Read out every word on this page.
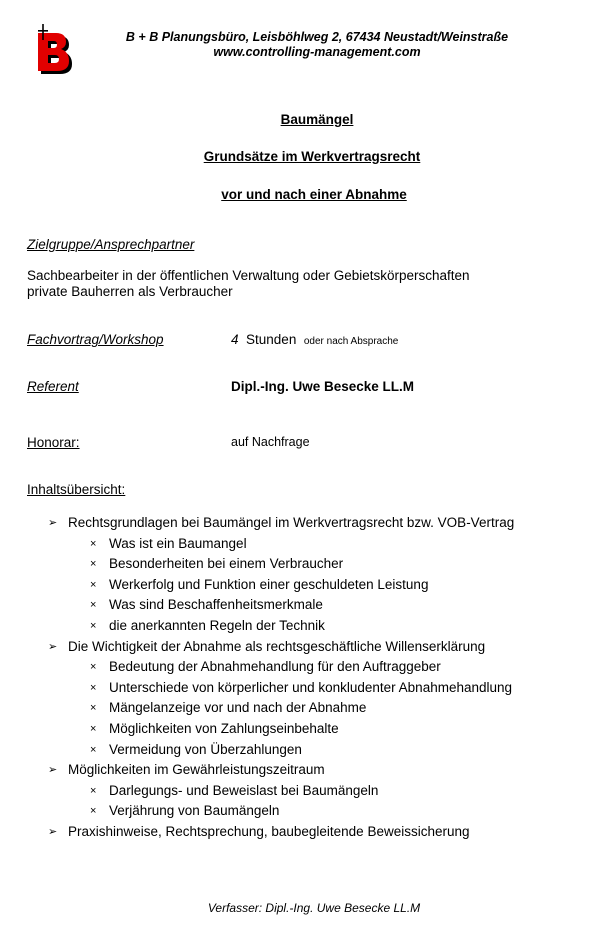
B + B Planungsbüro, Leisböhlweg 2, 67434 Neustadt/Weinstraße
www.controlling-management.com
Baumängel
Grundsätze im Werkvertragsrecht
vor und nach einer Abnahme
Zielgruppe/Ansprechpartner
Sachbearbeiter in der öffentlichen Verwaltung oder Gebietskörperschaften
private Bauherren als Verbraucher
Fachvortrag/Workshop	4 Stunden oder nach Absprache
Referent	Dipl.-Ing. Uwe Besecke LL.M
Honorar:	auf Nachfrage
Inhaltsübersicht:
➢ Rechtsgrundlagen bei Baumängel im Werkvertragsrecht bzw. VOB-Vertrag
× Was ist ein Baumangel
× Besonderheiten bei einem Verbraucher
× Werkerfolg und Funktion einer geschuldeten Leistung
× Was sind Beschaffenheitsmerkmale
× die anerkannten Regeln der Technik
➢ Die Wichtigkeit der Abnahme als rechtsgeschäftliche Willenserklärung
× Bedeutung der Abnahmehandlung für den Auftraggeber
× Unterschiede von körperlicher und konkludenter Abnahmehandlung
× Mängelanzeige vor und nach der Abnahme
× Möglichkeiten von Zahlungseinbehalte
× Vermeidung von Überzahlungen
➢ Möglichkeiten im Gewährleistungszeitraum
× Darlegungs- und Beweislast bei Baumängeln
× Verjährung von Baumängeln
➢ Praxishinweise, Rechtsprechung, baubegleitende Beweissicherung
Verfasser: Dipl.-Ing. Uwe Besecke LL.M
